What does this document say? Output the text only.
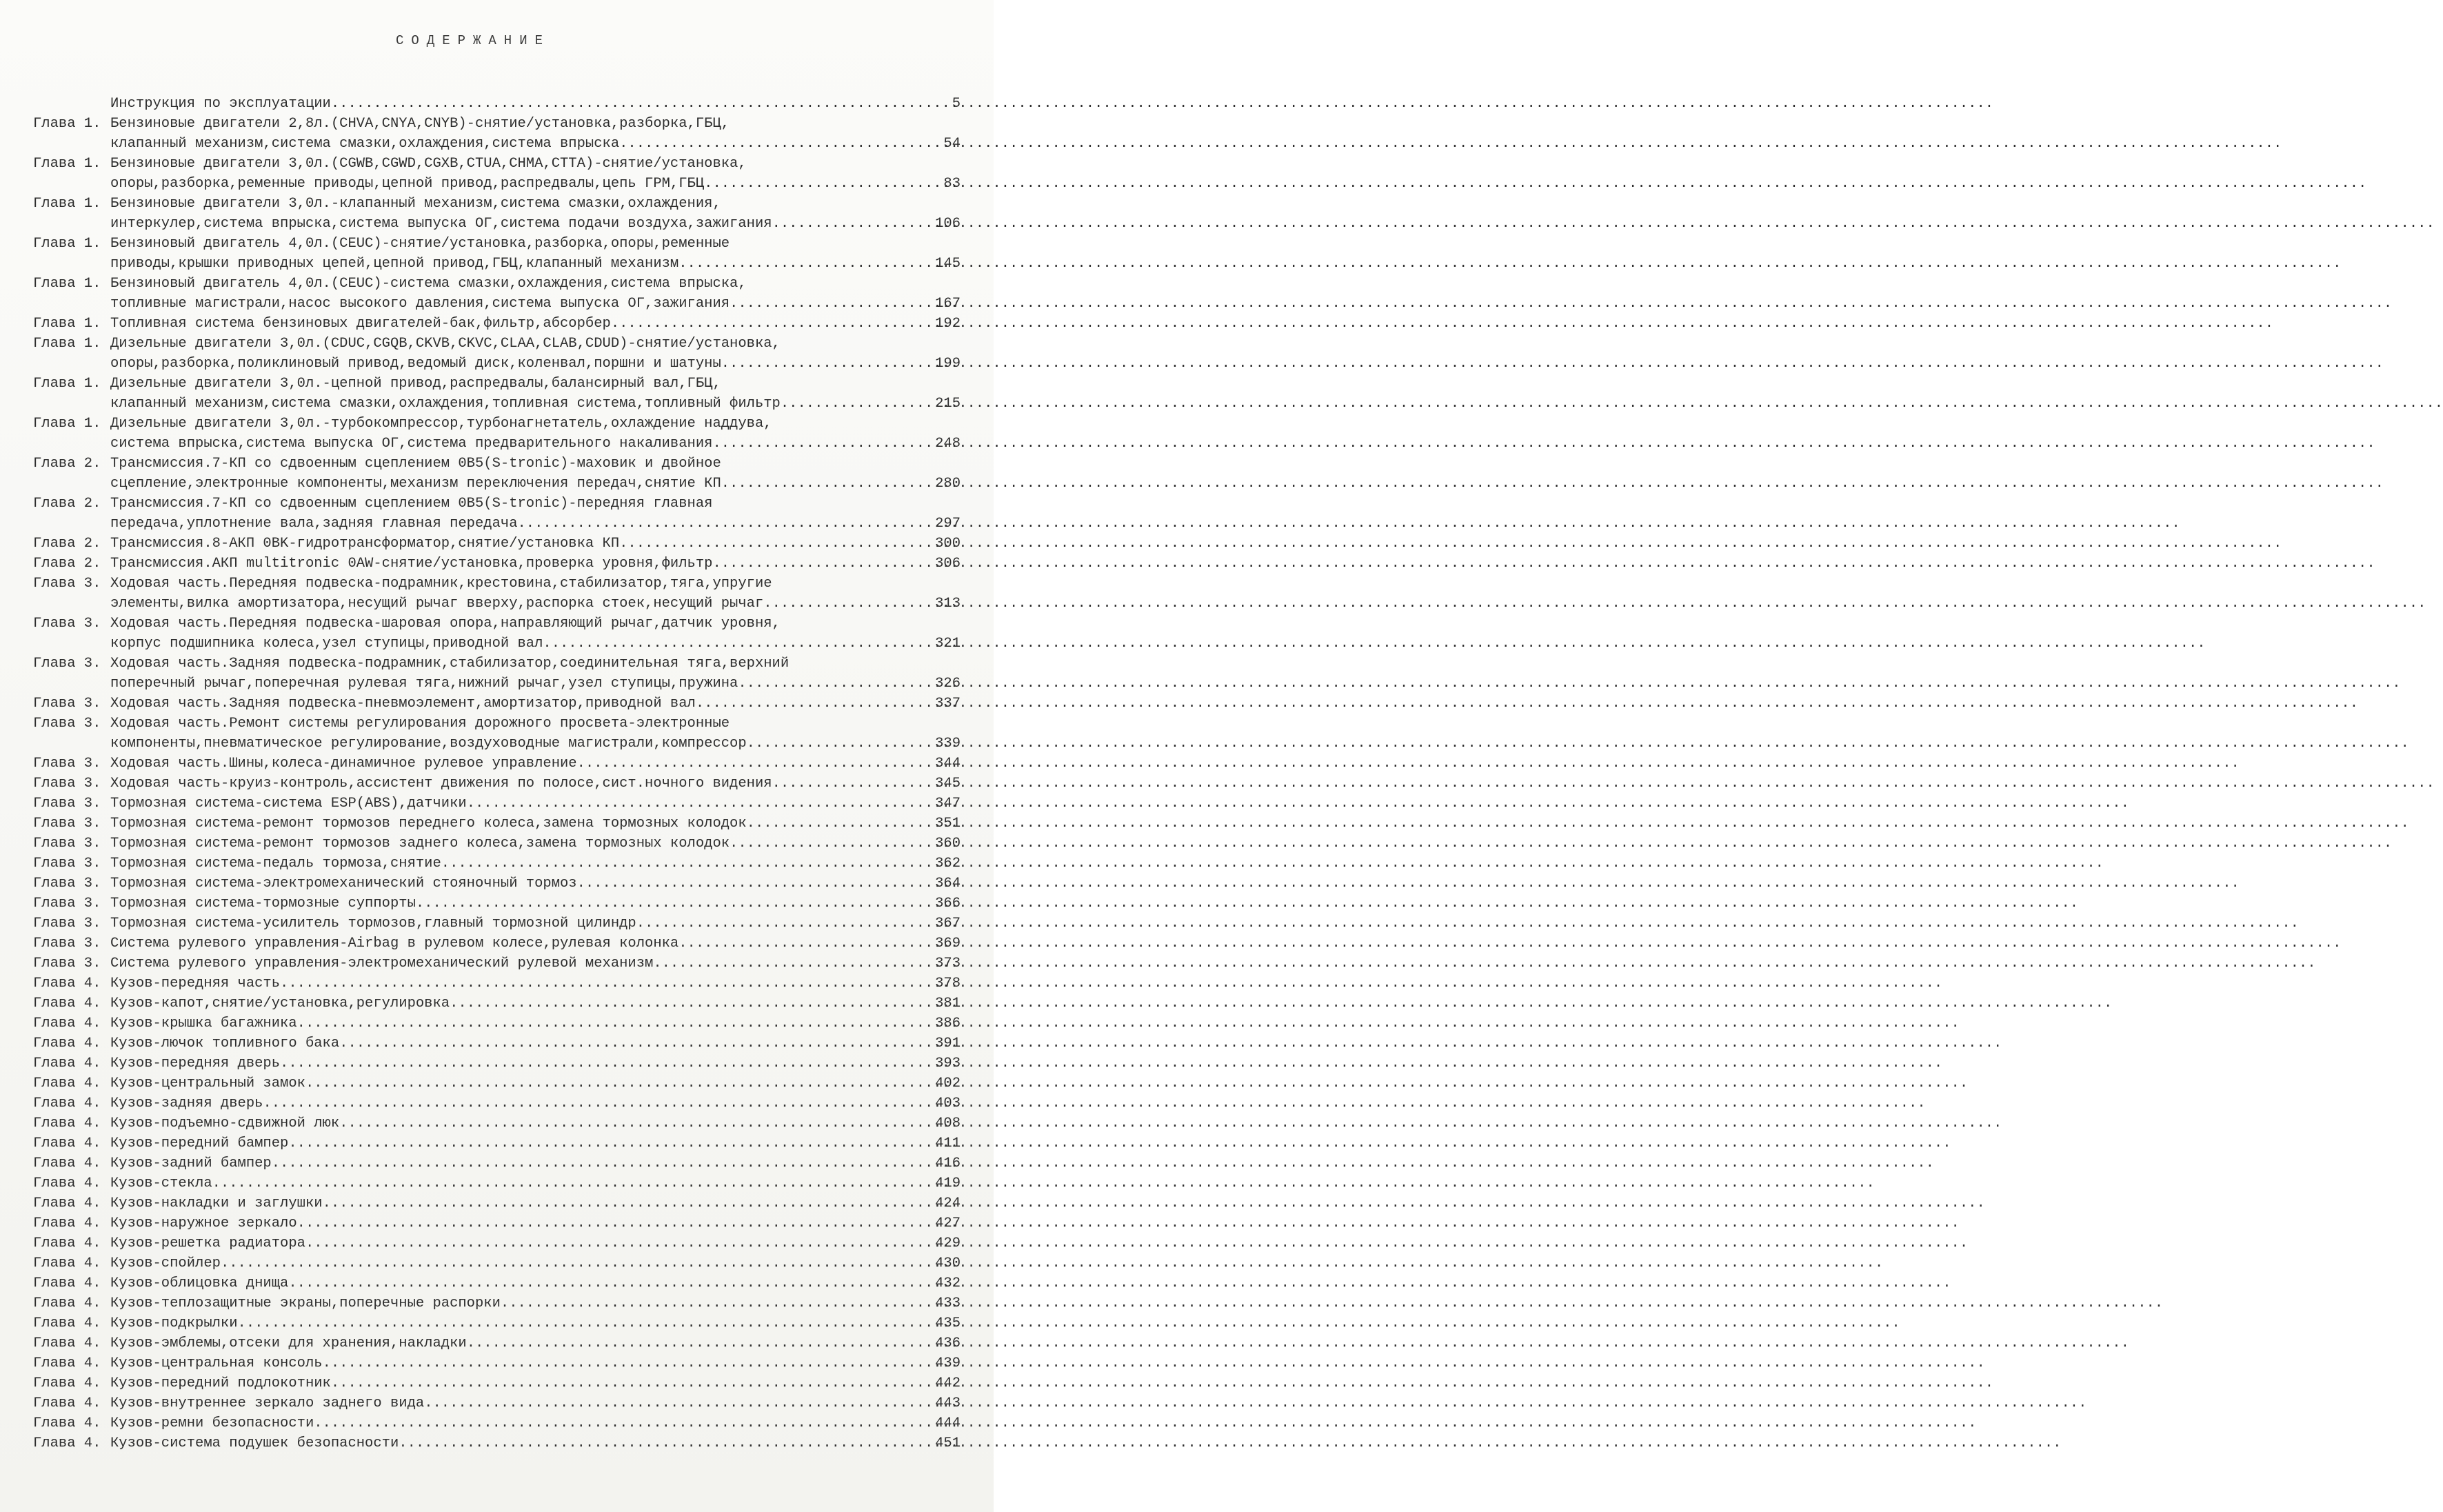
СОДЕРЖАНИЕ
Инструкция по эксплуатации .....	5
Глава 1. Бензиновые двигатели 2,8л.(CHVA,CNYA,CNYB)-снятие/установка,разборка,ГБЦ,
клапанный механизм,система смазки,охлаждения,система впрыска .....	54
Глава 1. Бензиновые двигатели 3,0л.(CGWB,CGWD,CGXB,CTUA,CHMA,CTTA)-снятие/установка,
опоры,разборка,ременные приводы,цепной привод,распредвалы,цепь ГРМ,ГБЦ .....	83
Глава 1. Бензиновые двигатели 3,0л.-клапанный механизм,система смазки,охлаждения,
интеркулер,система впрыска,система выпуска ОГ,система подачи воздуха,зажигания .....	106
Глава 1. Бензиновый двигатель 4,0л.(CEUC)-снятие/установка,разборка,опоры,ременные
приводы,крышки приводных цепей,цепной привод,ГБЦ,клапанный механизм .....	145
Глава 1. Бензиновый двигатель 4,0л.(CEUC)-система смазки,охлаждения,система впрыска,
топливные магистрали,насос высокого давления,система выпуска ОГ,зажигания .....	167
Глава 1. Топливная система бензиновых двигателей-бак,фильтр,абсорбер .....	192
Глава 1. Дизельные двигатели 3,0л.(CDUC,CGQB,CKVB,CKVC,CLAA,CLAB,CDUD)-снятие/установка,
опоры,разборка,поликлиновый привод,ведомый диск,коленвал,поршни и шатуны .....	199
Глава 1. Дизельные двигатели 3,0л.-цепной привод,распредвалы,балансирный вал,ГБЦ,
клапанный механизм,система смазки,охлаждения,топливная система,топливный фильтр .....	215
Глава 1. Дизельные двигатели 3,0л.-турбокомпрессор,турбонагнетатель,охлаждение наддува,
система впрыска,система выпуска ОГ,система предварительного накаливания .....	248
Глава 2. Трансмиссия.7-КП со сдвоенным сцеплением 0B5(S-tronic)-маховик и двойное
сцепление,электронные компоненты,механизм переключения передач,снятие КП .....	280
Глава 2. Трансмиссия.7-КП со сдвоенным сцеплением 0B5(S-tronic)-передняя главная
передача,уплотнение вала,задняя главная передача .....	297
Глава 2. Трансмиссия.8-АКП 0BK-гидротрансформатор,снятие/установка КП .....	300
Глава 2. Трансмиссия.АКП multitronic 0AW-снятие/установка,проверка уровня,фильтр .....	306
Глава 3. Ходовая часть.Передняя подвеска-подрамник,крестовина,стабилизатор,тяга,упругие
элементы,вилка амортизатора,несущий рычаг вверху,распорка стоек,несущий рычаг .....	313
Глава 3. Ходовая часть.Передняя подвеска-шаровая опора,направляющий рычаг,датчик уровня,
корпус подшипника колеса,узел ступицы,приводной вал .....	321
Глава 3. Ходовая часть.Задняя подвеска-подрамник,стабилизатор,соединительная тяга,верхний
поперечный рычаг,поперечная рулевая тяга,нижний рычаг,узел ступицы,пружина .....	326
Глава 3. Ходовая часть.Задняя подвеска-пневмоэлемент,амортизатор,приводной вал .....	337
Глава 3. Ходовая часть.Ремонт системы регулирования дорожного просвета-электронные
компоненты,пневматическое регулирование,воздуховодные магистрали,компрессор .....	339
Глава 3. Ходовая часть.Шины,колеса-динамичное рулевое управление .....	344
Глава 3. Ходовая часть-круиз-контроль,ассистент движения по полосе,сист.ночного видения .....	345
Глава 3. Тормозная система-система ESP(ABS),датчики .....	347
Глава 3. Тормозная система-ремонт тормозов переднего колеса,замена тормозных колодок .....	351
Глава 3. Тормозная система-ремонт тормозов заднего колеса,замена тормозных колодок .....	360
Глава 3. Тормозная система-педаль тормоза,снятие .....	362
Глава 3. Тормозная система-электромеханический стояночный тормоз .....	364
Глава 3. Тормозная система-тормозные суппорты .....	366
Глава 3. Тормозная система-усилитель тормозов,главный тормозной цилиндр .....	367
Глава 3. Система рулевого управления-Airbag в рулевом колесе,рулевая колонка .....	369
Глава 3. Система рулевого управления-электромеханический рулевой механизм .....	373
Глава 4. Кузов-передняя часть .....	378
Глава 4. Кузов-капот,снятие/установка,регулировка .....	381
Глава 4. Кузов-крышка багажника .....	386
Глава 4. Кузов-лючок топливного бака .....	391
Глава 4. Кузов-передняя дверь .....	393
Глава 4. Кузов-центральный замок .....	402
Глава 4. Кузов-задняя дверь .....	403
Глава 4. Кузов-подъемно-сдвижной люк .....	408
Глава 4. Кузов-передний бампер .....	411
Глава 4. Кузов-задний бампер .....	416
Глава 4. Кузов-стекла .....	419
Глава 4. Кузов-накладки и заглушки .....	424
Глава 4. Кузов-наружное зеркало .....	427
Глава 4. Кузов-решетка радиатора .....	429
Глава 4. Кузов-спойлер .....	430
Глава 4. Кузов-облицовка днища .....	432
Глава 4. Кузов-теплозащитные экраны,поперечные распорки .....	433
Глава 4. Кузов-подкрылки .....	435
Глава 4. Кузов-эмблемы,отсеки для хранения,накладки .....	436
Глава 4. Кузов-центральная консоль .....	439
Глава 4. Кузов-передний подлокотник .....	442
Глава 4. Кузов-внутреннее зеркало заднего вида .....	443
Глава 4. Кузов-ремни безопасности .....	444
Глава 4. Кузов-система подушек безопасности .....	451
